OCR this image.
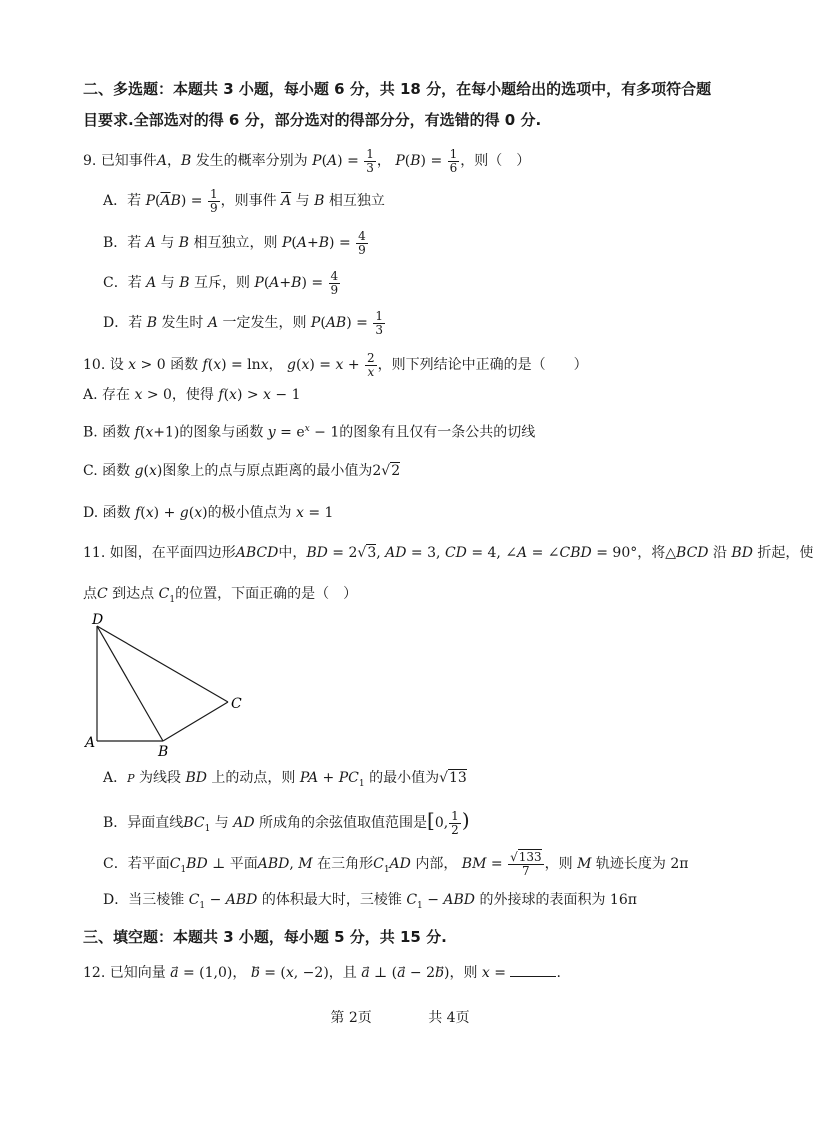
二、多选题：本题共 3 小题，每小题 6 分，共 18 分，在每小题给出的选项中，有多项符合题
目要求.全部选对的得 6 分，部分选对的得部分分，有选错的得 0 分.
9. 已知事件A，B 发生的概率分别为 $P(A) = \frac{1}{3}$ ， $P(B) = \frac{1}{6}$ ，则（　）
A．若 $P(\overline{A}B) = \frac{1}{9}$ ，则事件 $\overline{A}$ 与 B 相互独立
B．若 A 与 B 相互独立，则 $P(A+B) = \frac{4}{9}$
C．若 A 与 B 互斥，则 $P(A+B) = \frac{4}{9}$
D．若 B 发生时 A 一定发生，则 $P(AB) = \frac{1}{3}$
10. 设 x > 0 函数 f(x) = lnx， $g(x) = x + \frac{2}{x}$ ，则下列结论中正确的是（　　）
A. 存在 x > 0，使得 f(x) > x − 1
B. 函数 f(x+1)的图象与函数 $y = e^x - 1$的图象有且仅有一条公共的切线
C. 函数 g(x)图象上的点与原点距离的最小值为2√2
D. 函数 f(x) + g(x)的极小值点为 x = 1
11. 如图，在平面四边形ABCD中，BD = 2√3, AD = 3, CD = 4, ∠A = ∠CBD = 90°，将△BCD 沿 BD 折起，使
点C 到达点 $C_1$的位置，下面正确的是（　）
D
C
A
B
A．P 为线段 BD 上的动点，则 PA + $PC_1$ 的最小值为√13
B．异面直线$BC_1$ 与 AD 所成角的余弦值取值范围是[0, $\frac{1}{2}$ )
C．若平面$C_1BD$ ⊥ 平面ABD, M 在三角形$C_1AD$ 内部， BM = $\frac{√133}{7}$ ，则 M 轨迹长度为 2π
D．当三棱锥 $C_1$ − ABD 的体积最大时，三棱锥 $C_1$ − ABD 的外接球的表面积为 16π
三、填空题：本题共 3 小题，每小题 5 分，共 15 分.
12. 已知向量 a⃗ = (1,0)， b⃗ = (x, −2)，且 a⃗ ⊥ (a⃗ − 2b⃗)，则 x =	.
第 2页	共 4页
